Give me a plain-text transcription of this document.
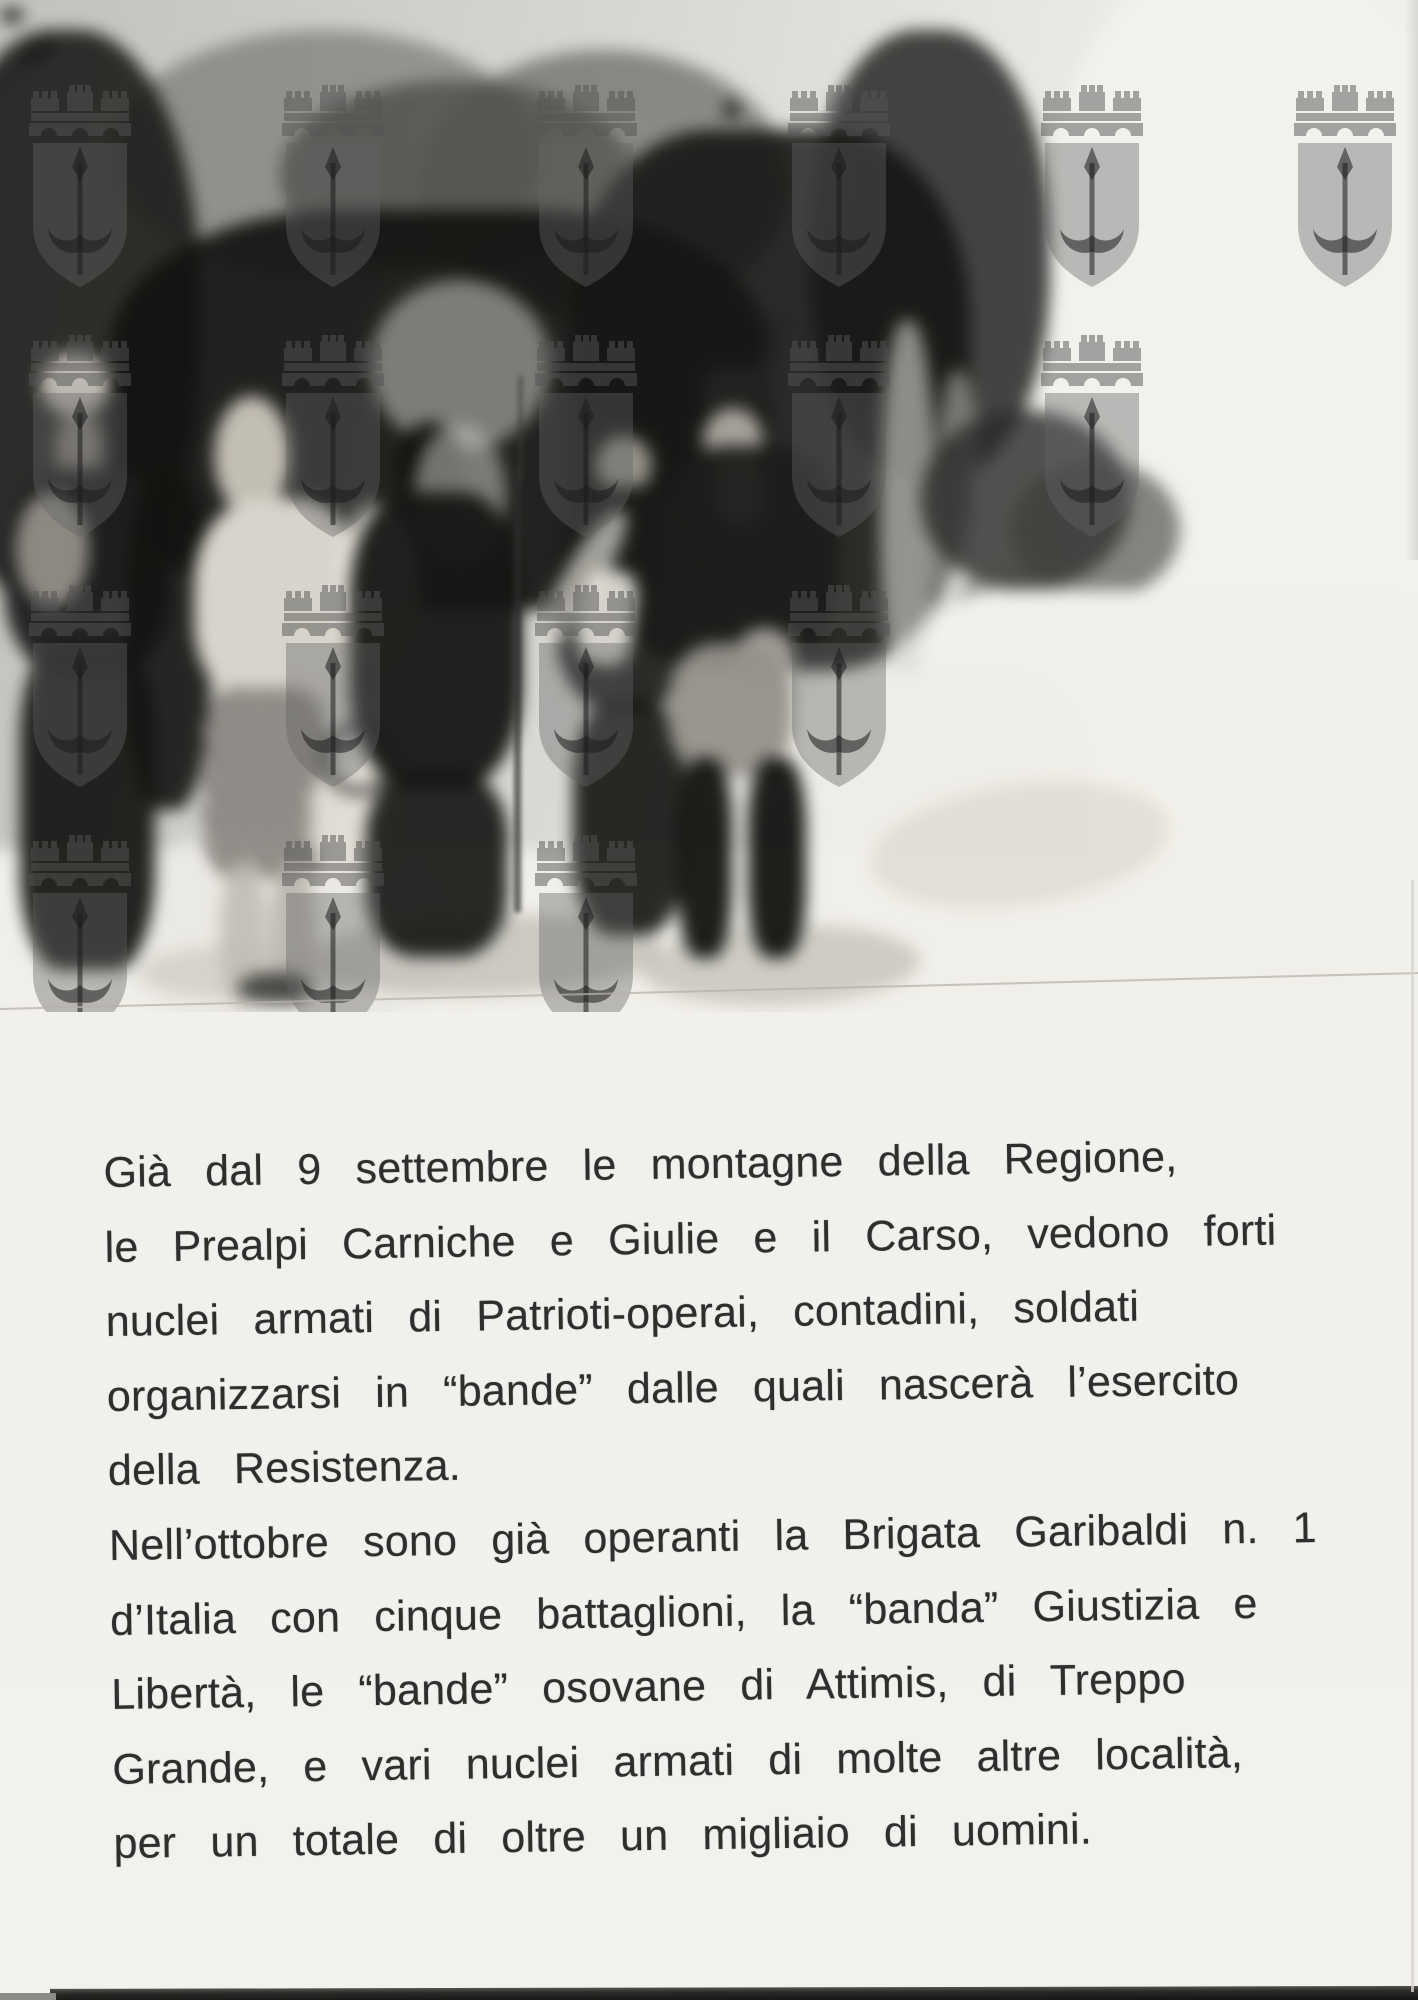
Già dal 9 settembre le montagne della Regione,
le Prealpi Carniche e Giulie e il Carso, vedono forti
nuclei armati di Patrioti-operai, contadini, soldati
organizzarsi in “bande” dalle quali nascerà l’esercito
della Resistenza.
Nell’ottobre sono già operanti la Brigata Garibaldi n. 1
d’Italia con cinque battaglioni, la “banda” Giustizia e
Libertà, le “bande” osovane di Attimis, di Treppo
Grande, e vari nuclei armati di molte altre località,
per un totale di oltre un migliaio di uomini.
